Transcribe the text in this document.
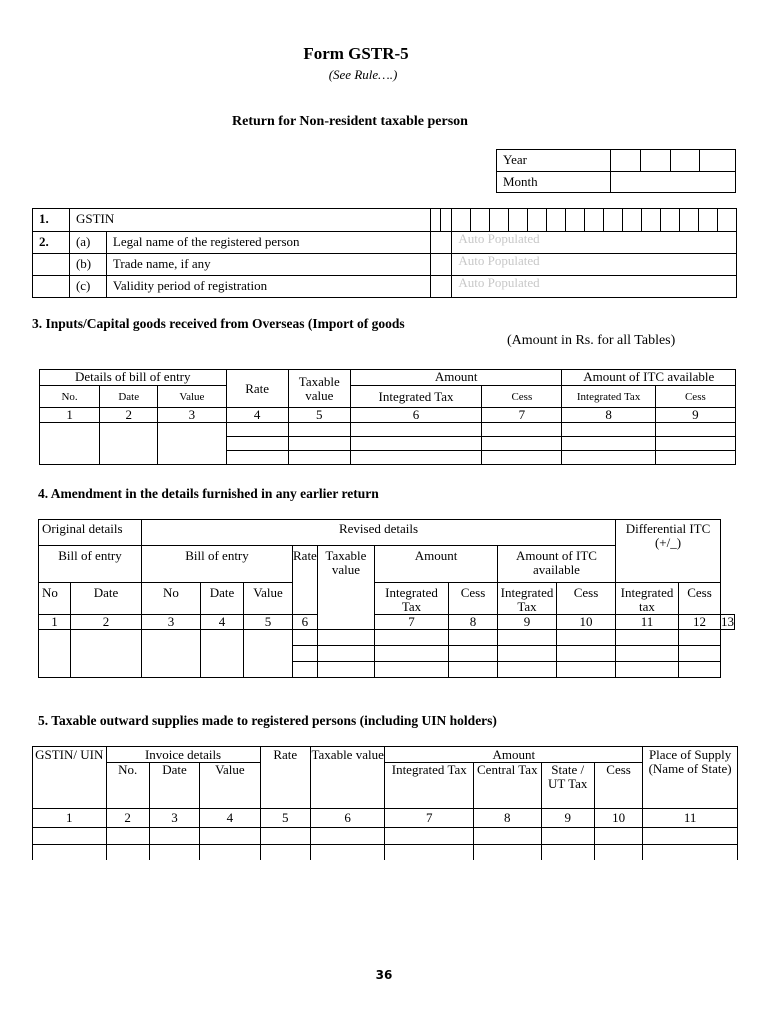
Form GSTR-5
(See Rule….)
Return for Non-resident taxable person
Year				
Month				
1.	GSTIN																		
2.	(a)	Legal name of the registered person			Auto Populated														
	(b)	Trade name, if any			Auto Populated														
	(c)	Validity period of registration			Auto Populated														
3. Inputs/Capital goods received from Overseas (Import of goods
(Amount in Rs. for all Tables)
Details of bill of entry			Rate	Taxable value	Amount		Amount of ITC available	
No.	Date	Value			Integrated Tax	Cess	Integrated Tax	Cess
1	2	3	4	5	6	7	8	9

4. Amendment in the details furnished in any earlier return
Original details		Revised details									Differential ITC (+/_)		
Bill of entry		Bill of entry			Rate	Taxable value	Amount		Amount of ITC available				
No	Date	No	Date	Value			Integrated Tax	Cess	Integrated Tax	Cess	Integrated tax	Cess	
1	2	3	4	5	6		7	8	9	10	11	12	13

5. Taxable outward supplies made to registered persons (including UIN holders)
GSTIN/ UIN	Invoice details			Rate	Taxable value	Amount				Place of Supply (Name of State)
	No.	Date	Value			Integrated Tax	Central Tax	State / UT Tax	Cess	
1	2	3	4	5	6	7	8	9	10	11

36
